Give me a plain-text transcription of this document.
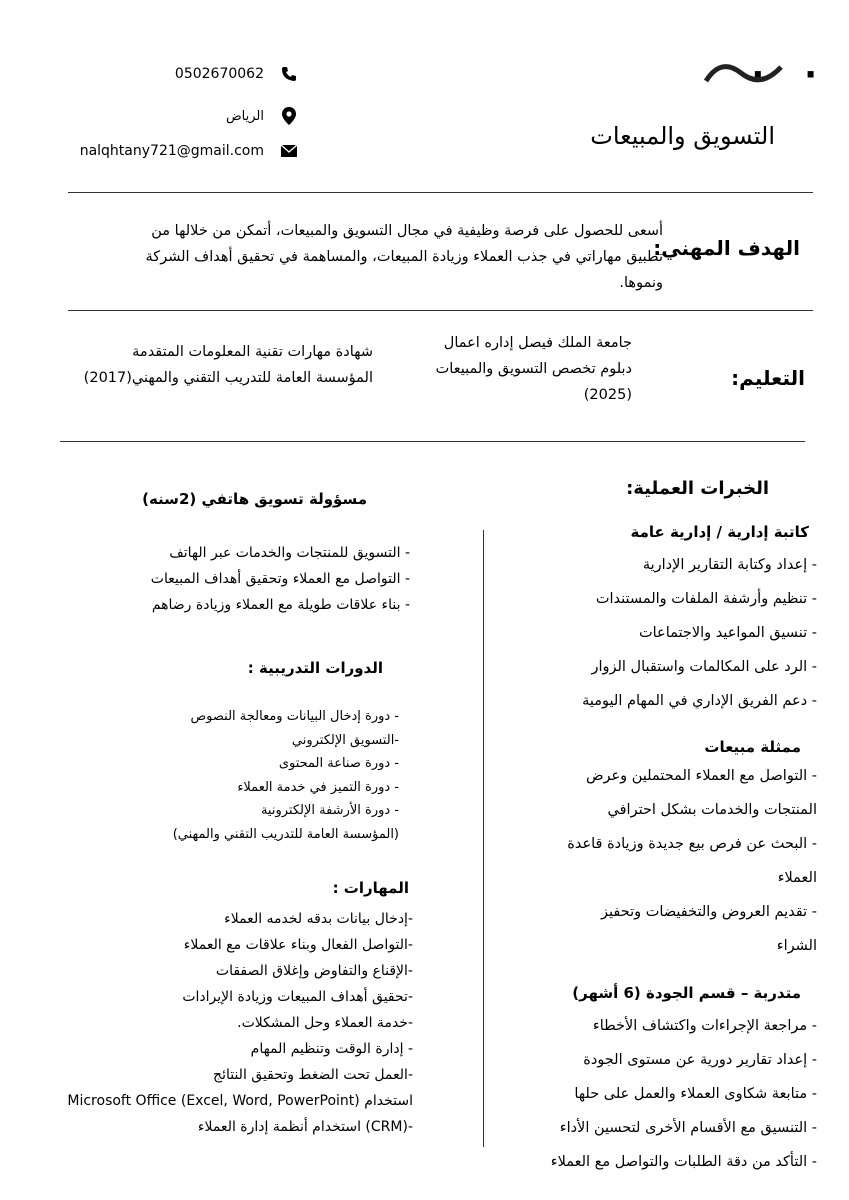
· ·
التسويق والمبيعات
0502670062
الرياض
nalqhtany721@gmail.com
الهدف المهني:
أسعى للحصول على فرصة وظيفية في مجال التسويق والمبيعات، أتمكن من خلالها من تطبيق مهاراتي في جذب العملاء وزيادة المبيعات، والمساهمة في تحقيق أهداف الشركة ونموها.
التعليم:
جامعة الملك فيصل إداره اعمال
دبلوم تخصص التسويق والمبيعات
(2025)
شهادة مهارات تقنية المعلومات المتقدمة
المؤسسة العامة للتدريب التقني والمهني(2017)
الخبرات العملية:
كاتبة إدارية / إدارية عامة
- إعداد وكتابة التقارير الإدارية
- تنظيم وأرشفة الملفات والمستندات
- تنسيق المواعيد والاجتماعات
- الرد على المكالمات واستقبال الزوار
- دعم الفريق الإداري في المهام اليومية
ممثلة مبيعات
- التواصل مع العملاء المحتملين وعرض
المنتجات والخدمات بشكل احترافي
- البحث عن فرص بيع جديدة وزيادة قاعدة
العملاء
- تقديم العروض والتخفيضات وتحفيز
الشراء
متدربة – قسم الجودة (6 أشهر)
- مراجعة الإجراءات واكتشاف الأخطاء
- إعداد تقارير دورية عن مستوى الجودة
- متابعة شكاوى العملاء والعمل على حلها
- التنسيق مع الأقسام الأخرى لتحسين الأداء
- التأكد من دقة الطلبات والتواصل مع العملاء
مسؤولة تسويق هاتفي (2سنه)
- التسويق للمنتجات والخدمات عبر الهاتف
- التواصل مع العملاء وتحقيق أهداف المبيعات
- بناء علاقات طويلة مع العملاء وزيادة رضاهم
الدورات التدريبية :
- دورة إدخال البيانات ومعالجة النصوص
-التسويق الإلكتروني
- دورة صناعة المحتوى
- دورة التميز في خدمة العملاء
- دورة الأرشفة الإلكترونية
(المؤسسة العامة للتدريب التقني والمهني)
المهارات :
-إدخال بيانات بدقه لخدمه العملاء
-التواصل الفعال وبناء علاقات مع العملاء
-الإقناع والتفاوض وإغلاق الصفقات
-تحقيق أهداف المبيعات وزيادة الإيرادات
-خدمة العملاء وحل المشكلات.
- إدارة الوقت وتنظيم المهام
-العمل تحت الضغط وتحقيق النتائج
استخدام Microsoft Office (Excel, Word, PowerPoint)
-(CRM) استخدام أنظمة إدارة العملاء
